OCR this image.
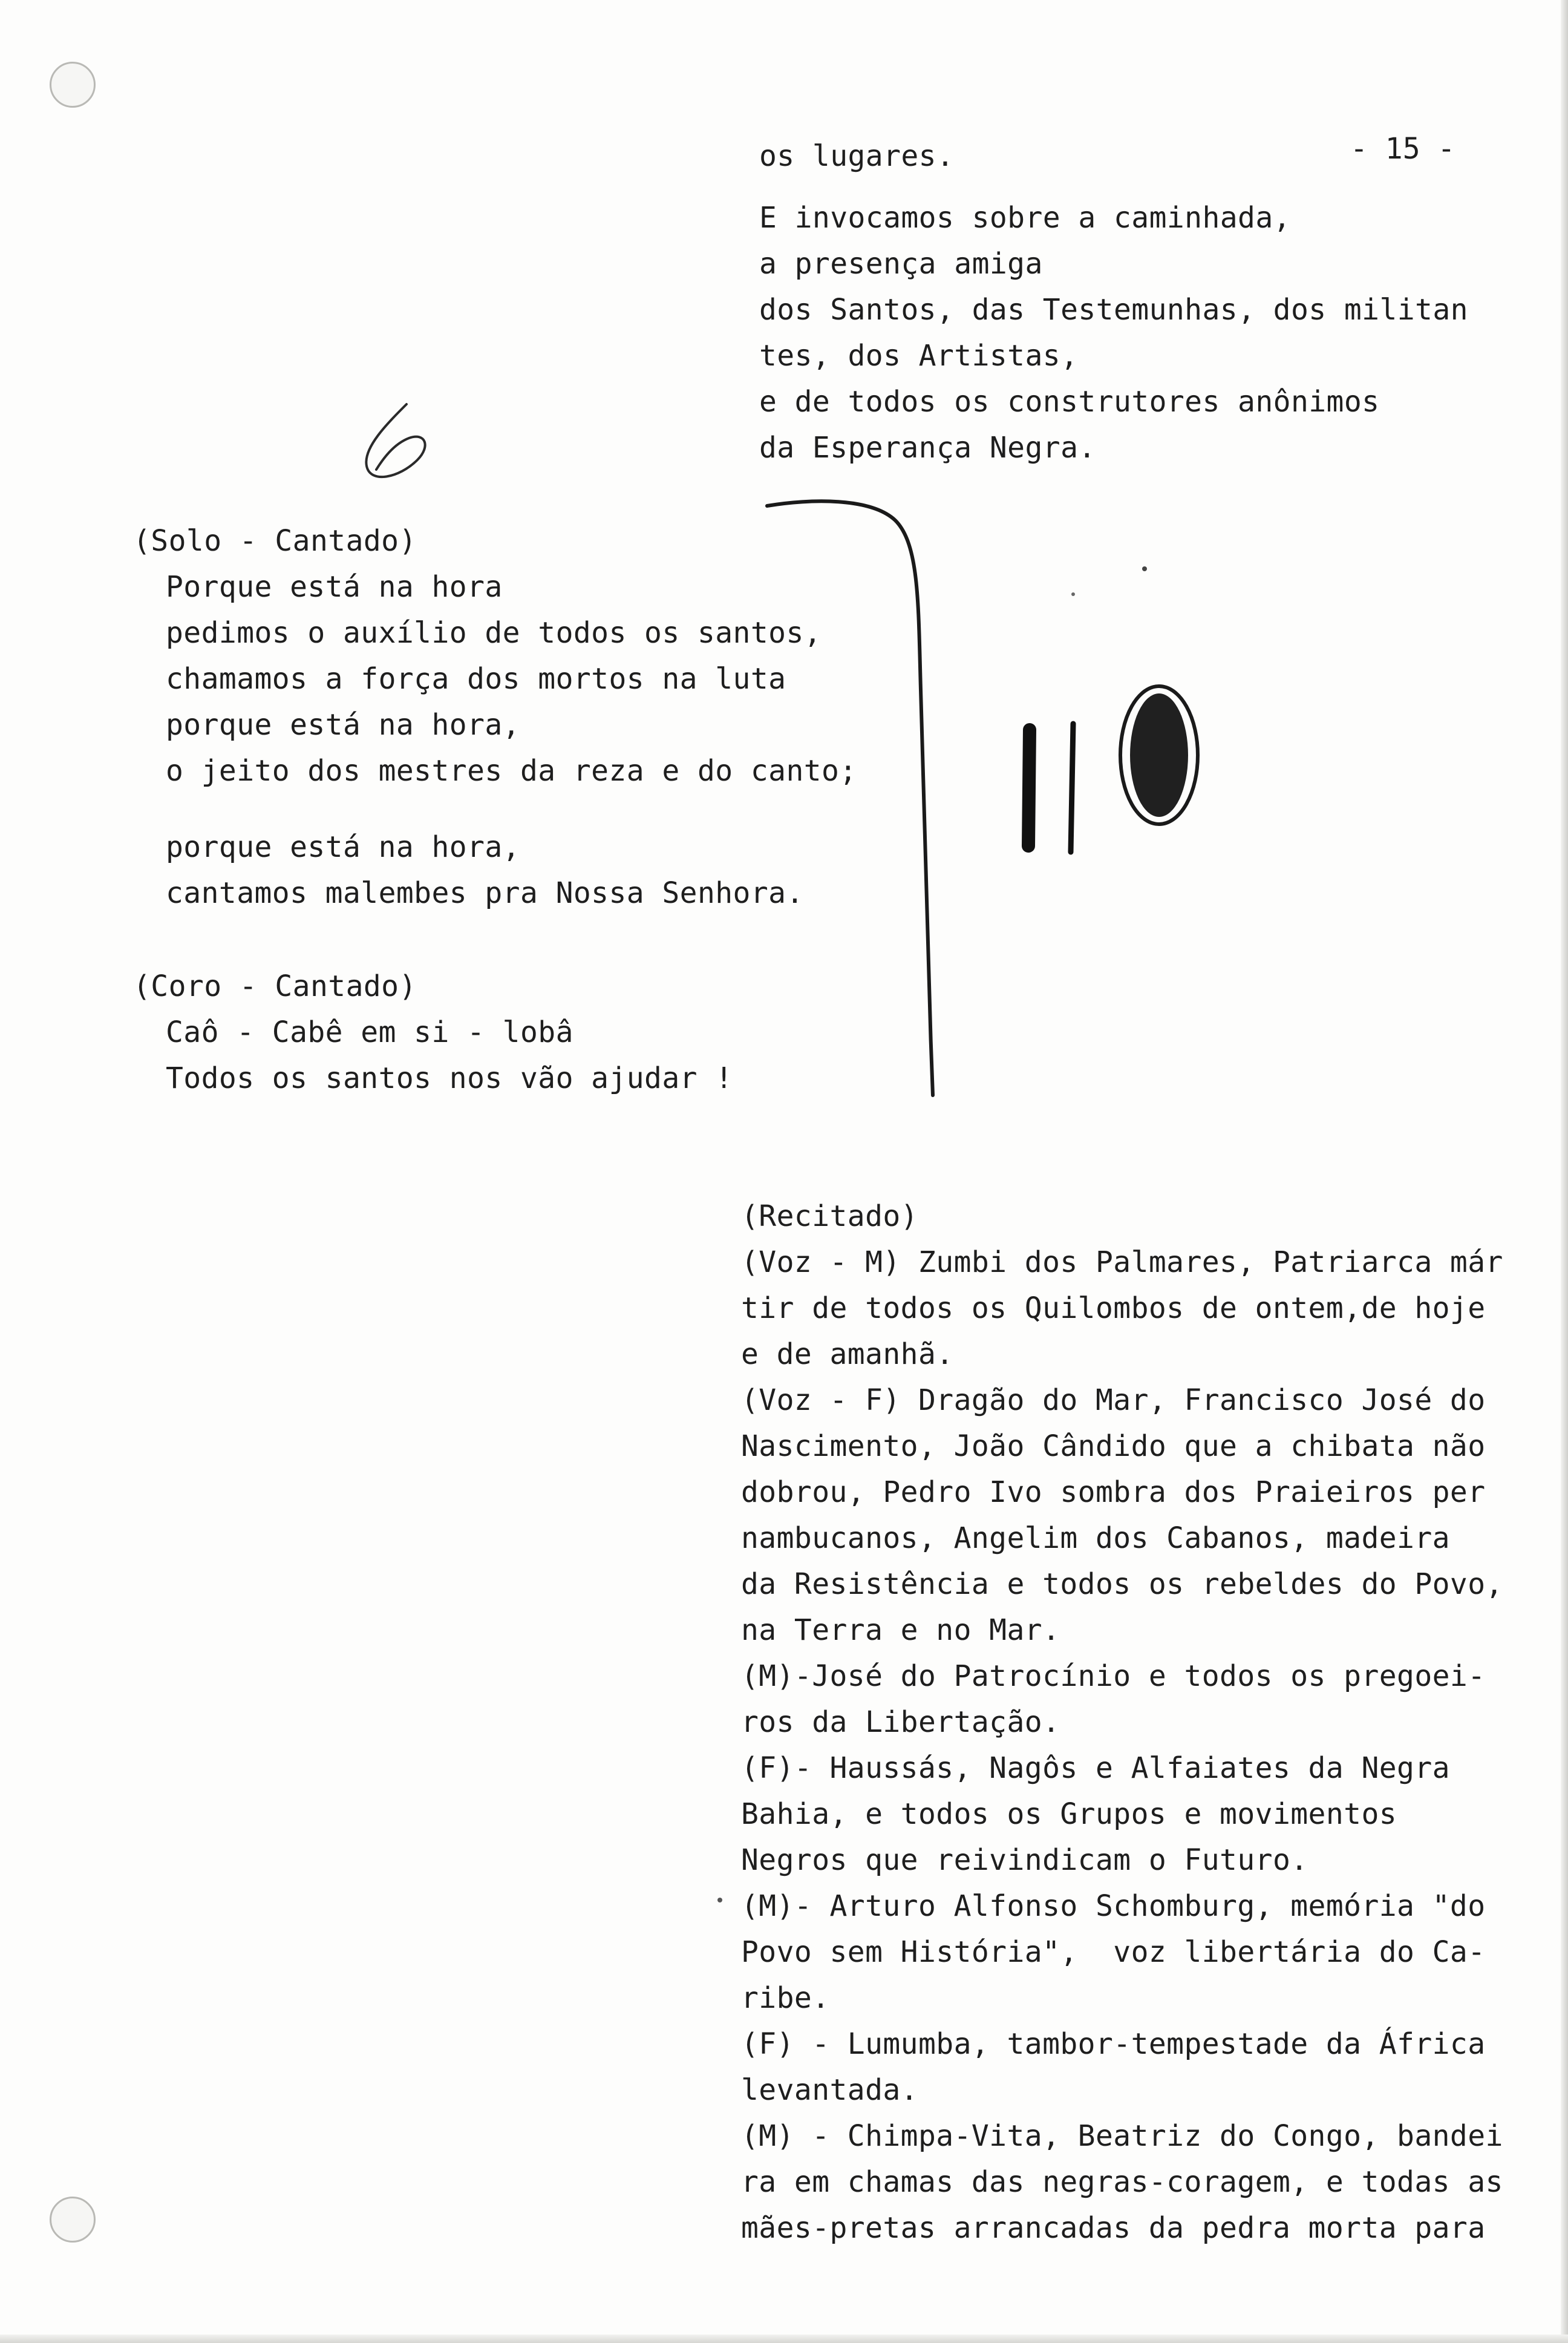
- 15 -
os lugares.
E invocamos sobre a caminhada,
a presença amiga
dos Santos, das Testemunhas, dos militan
tes, dos Artistas,
e de todos os construtores anônimos
da Esperança Negra.
(Solo - Cantado)
Porque está na hora
pedimos o auxílio de todos os santos,
chamamos a força dos mortos na luta
porque está na hora,
o jeito dos mestres da reza e do canto;
porque está na hora,
cantamos malembes pra Nossa Senhora.
(Coro - Cantado)
Caô - Cabê em si - lobâ
Todos os santos nos vão ajudar !
(Recitado)
(Voz - M) Zumbi dos Palmares, Patriarca már
tir de todos os Quilombos de ontem,de hoje
e de amanhã.
(Voz - F) Dragão do Mar, Francisco José do
Nascimento, João Cândido que a chibata não
dobrou, Pedro Ivo sombra dos Praieiros per
nambucanos, Angelim dos Cabanos, madeira
da Resistência e todos os rebeldes do Povo,
na Terra e no Mar.
(M)-José do Patrocínio e todos os pregoei-
ros da Libertação.
(F)- Haussás, Nagôs e Alfaiates da Negra
Bahia, e todos os Grupos e movimentos
Negros que reivindicam o Futuro.
(M)- Arturo Alfonso Schomburg, memória "do
Povo sem História",  voz libertária do Ca-
ribe.
(F) - Lumumba, tambor-tempestade da África
levantada.
(M) - Chimpa-Vita, Beatriz do Congo, bandei
ra em chamas das negras-coragem, e todas as
mães-pretas arrancadas da pedra morta para
